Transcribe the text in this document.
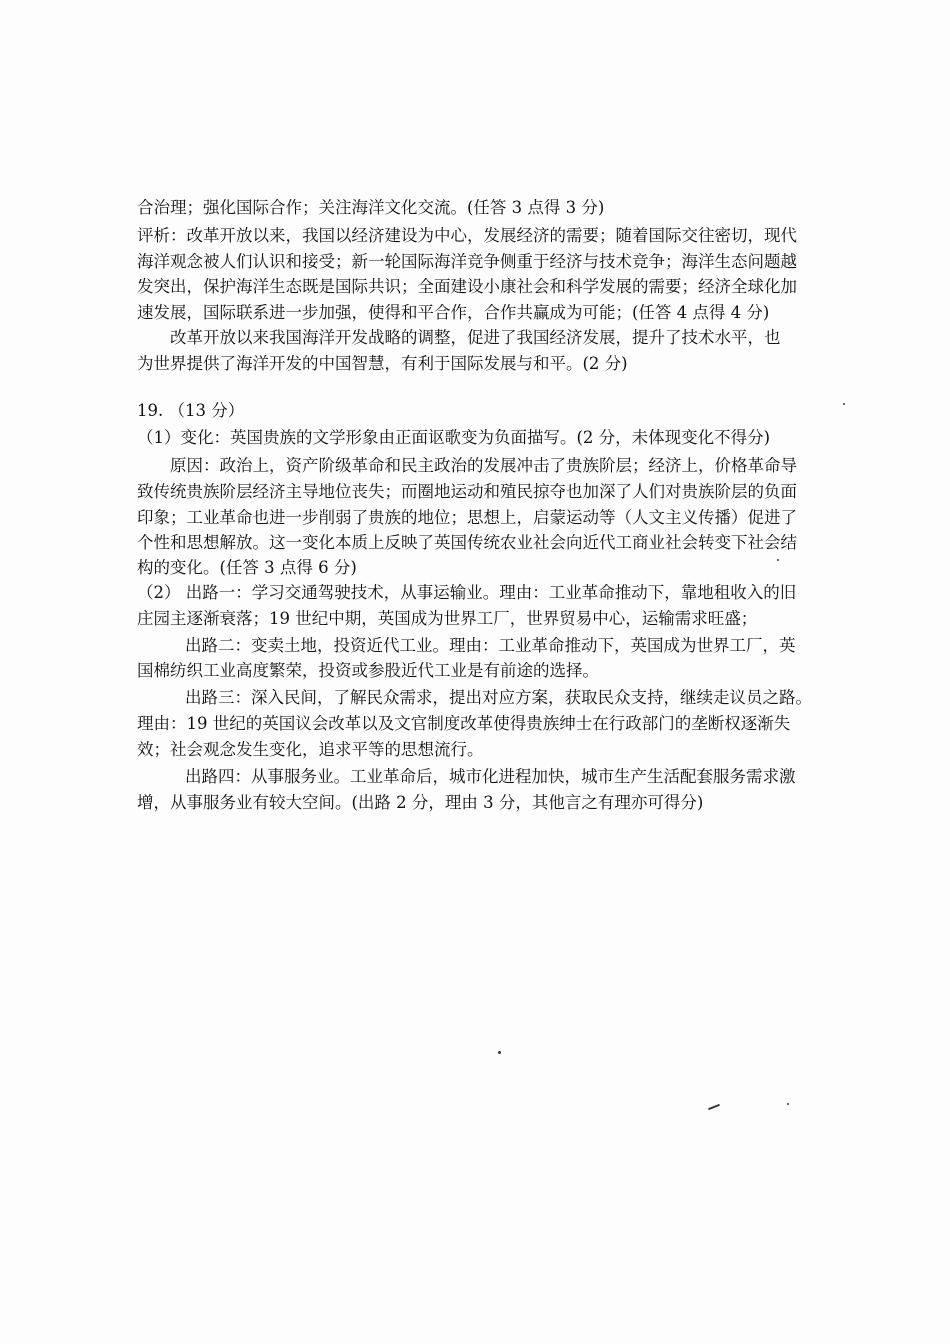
合治理；强化国际合作；关注海洋文化交流。(任答 3 点得 3 分)
评析：改革开放以来，我国以经济建设为中心，发展经济的需要；随着国际交往密切，现代
海洋观念被人们认识和接受；新一轮国际海洋竞争侧重于经济与技术竞争；海洋生态问题越
发突出，保护海洋生态既是国际共识；全面建设小康社会和科学发展的需要；经济全球化加
速发展，国际联系进一步加强，使得和平合作，合作共赢成为可能；(任答 4 点得 4 分)
改革开放以来我国海洋开发战略的调整，促进了我国经济发展，提升了技术水平，也
为世界提供了海洋开发的中国智慧，有利于国际发展与和平。(2 分)
19. （13 分）
（1）变化：英国贵族的文学形象由正面讴歌变为负面描写。(2 分，未体现变化不得分)
原因：政治上，资产阶级革命和民主政治的发展冲击了贵族阶层；经济上，价格革命导
致传统贵族阶层经济主导地位丧失；而圈地运动和殖民掠夺也加深了人们对贵族阶层的负面
印象；工业革命也进一步削弱了贵族的地位；思想上，启蒙运动等（人文主义传播）促进了
个性和思想解放。这一变化本质上反映了英国传统农业社会向近代工商业社会转变下社会结
构的变化。(任答 3 点得 6 分)
（2） 出路一：学习交通驾驶技术，从事运输业。理由：工业革命推动下，靠地租收入的旧
庄园主逐渐衰落；19 世纪中期，英国成为世界工厂，世界贸易中心，运输需求旺盛；
出路二：变卖土地，投资近代工业。理由：工业革命推动下，英国成为世界工厂，英
国棉纺织工业高度繁荣，投资或参股近代工业是有前途的选择。
出路三：深入民间，了解民众需求，提出对应方案，获取民众支持，继续走议员之路。
理由：19 世纪的英国议会改革以及文官制度改革使得贵族绅士在行政部门的垄断权逐渐失
效；社会观念发生变化，追求平等的思想流行。
出路四：从事服务业。工业革命后，城市化进程加快，城市生产生活配套服务需求激
增，从事服务业有较大空间。(出路 2 分，理由 3 分，其他言之有理亦可得分)
